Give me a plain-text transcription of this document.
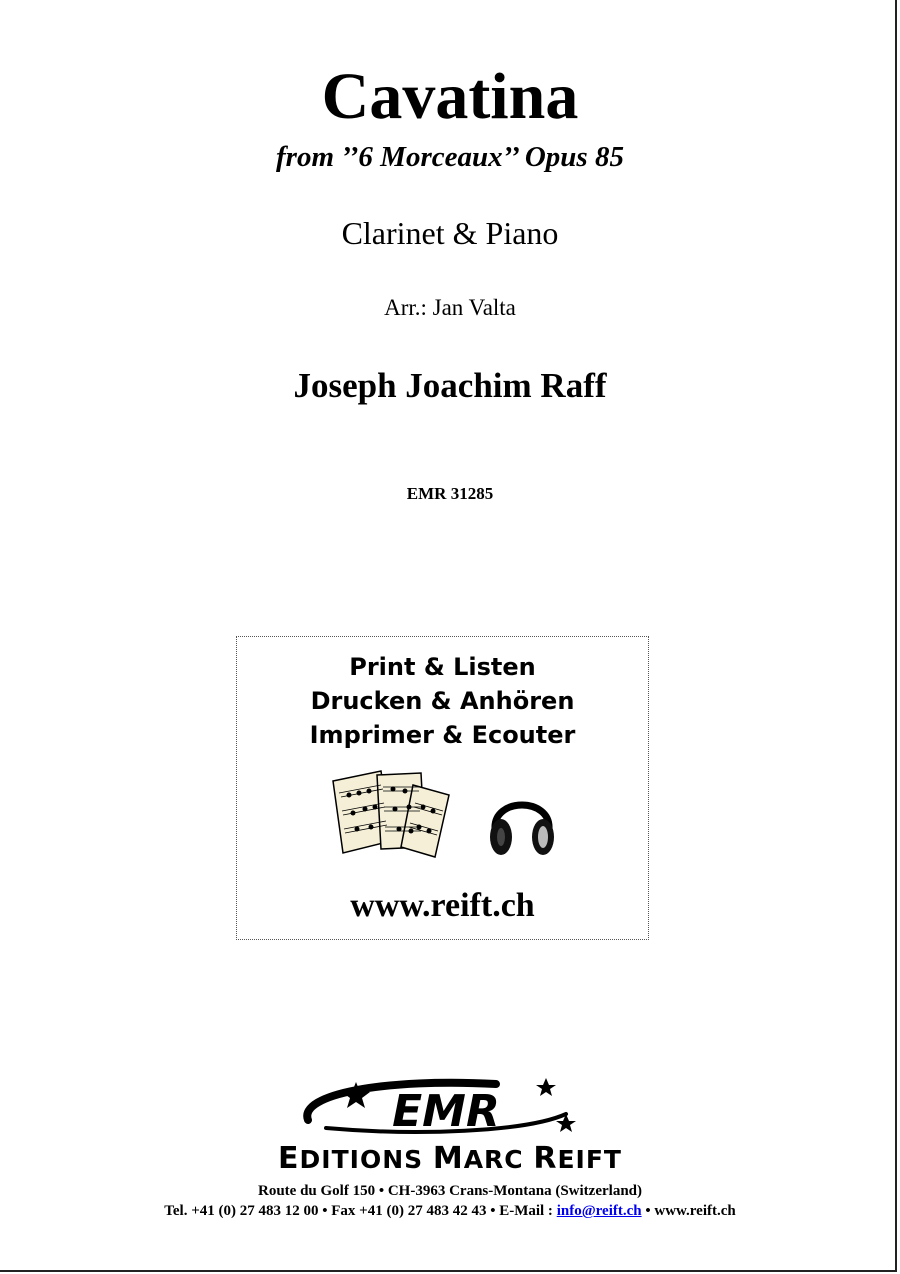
Cavatina
from ’’6 Morceaux’’ Opus 85
Clarinet & Piano
Arr.: Jan Valta
Joseph Joachim Raff
EMR 31285
Print & Listen
Drucken & Anhören
Imprimer & Ecouter
www.reift.ch
EMR
EDITIONS MARC REIFT
Route du Golf 150 • CH-3963 Crans-Montana (Switzerland)
Tel. +41 (0) 27 483 12 00 • Fax +41 (0) 27 483 42 43 • E-Mail : info@reift.ch • www.reift.ch
